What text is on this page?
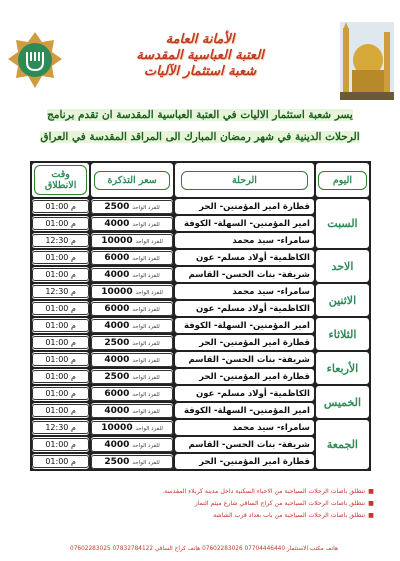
الأمانة العامة
العتبة العباسية المقدسة
شعبة استثمار الآليات
يسر شعبة استثمار الاليات في العتبة العباسية المقدسة ان تقدم برنامج
الرحلات الدينية في شهر رمضان المبارك الى المراقد المقدسة في العراق
اليوم	الرحلة	سعر التذكرة	وقت الانطلاق
السبت	قطارة امير المؤمنين- الحر	2500 للفرد الواحد	01:00 م

	امير المؤمنين- السهلة- الكوفة	4000 للفرد الواحد	01:00 م

	سامراء- سيد محمد	10000 للفرد الواحد	12:30 م

الاحد	الكاظمية- أولاد مسلم- عون	6000 للفرد الواحد	01:00 م

	شريفة- بنات الحسن- القاسم	4000 للفرد الواحد	01:00 م

الاثنين	سامراء- سيد محمد	10000 للفرد الواحد	12:30 م

	الكاظمية- أولاد مسلم- عون	6000 للفرد الواحد	01:00 م

الثلاثاء	امير المؤمنين- السهلة- الكوفة	4000 للفرد الواحد	01:00 م

	قطارة امير المؤمنين- الحر	2500 للفرد الواحد	01:00 م

الأربعاء	شريفة- بنات الحسن- القاسم	4000 للفرد الواحد	01:00 م

	قطارة امير المؤمنين- الحر	2500 للفرد الواحد	01:00 م

الخميس	الكاظمية- أولاد مسلم- عون	6000 للفرد الواحد	01:00 م

	امير المؤمنين- السهلة- الكوفة	4000 للفرد الواحد	01:00 م

الجمعة	سامراء- سيد محمد	10000 للفرد الواحد	12:30 م

	شريفة- بنات الحسن- القاسم	4000 للفرد الواحد	01:00 م

	قطارة امير المؤمنين- الحر	2500 للفرد الواحد	01:00 م
■تنطلق باصات الرحلات السياحية من الاحياء السكنية داخل مدينة كربلاء المقدسة.
■تنطلق باصات الرحلات السياحية من كراج الساقي شارع ميثم التمار
■تنطلق باصات الرحلات السياحية من باب بغداد قرب الشاشة
هاتف مكتب الاستثمار 07704446440 07602283026 هاتف كراج الساقي 07832784122 07602283025
